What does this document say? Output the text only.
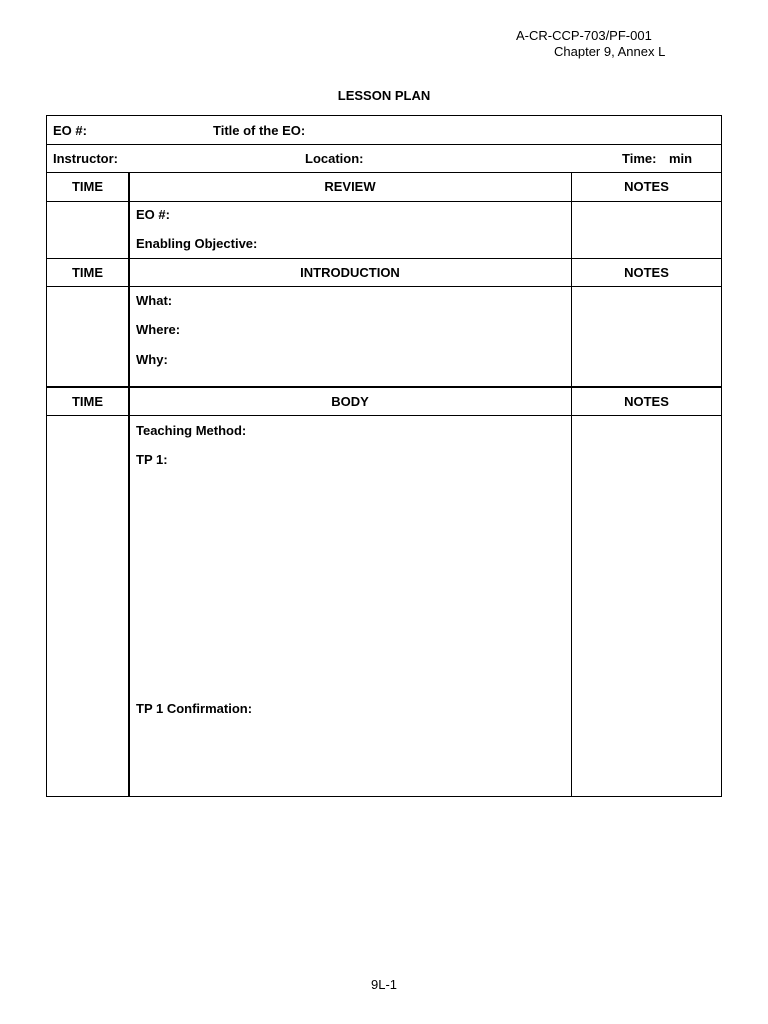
A-CR-CCP-703/PF-001
Chapter 9, Annex L
LESSON PLAN
EO #:	Title of the EO:
Instructor:	Location:	Time: min
TIME	REVIEW	NOTES
EO #:
Enabling Objective:
TIME	INTRODUCTION	NOTES
What:
Where:
Why:
TIME	BODY	NOTES
Teaching Method:
TP 1:
TP 1 Confirmation:
9L-1
